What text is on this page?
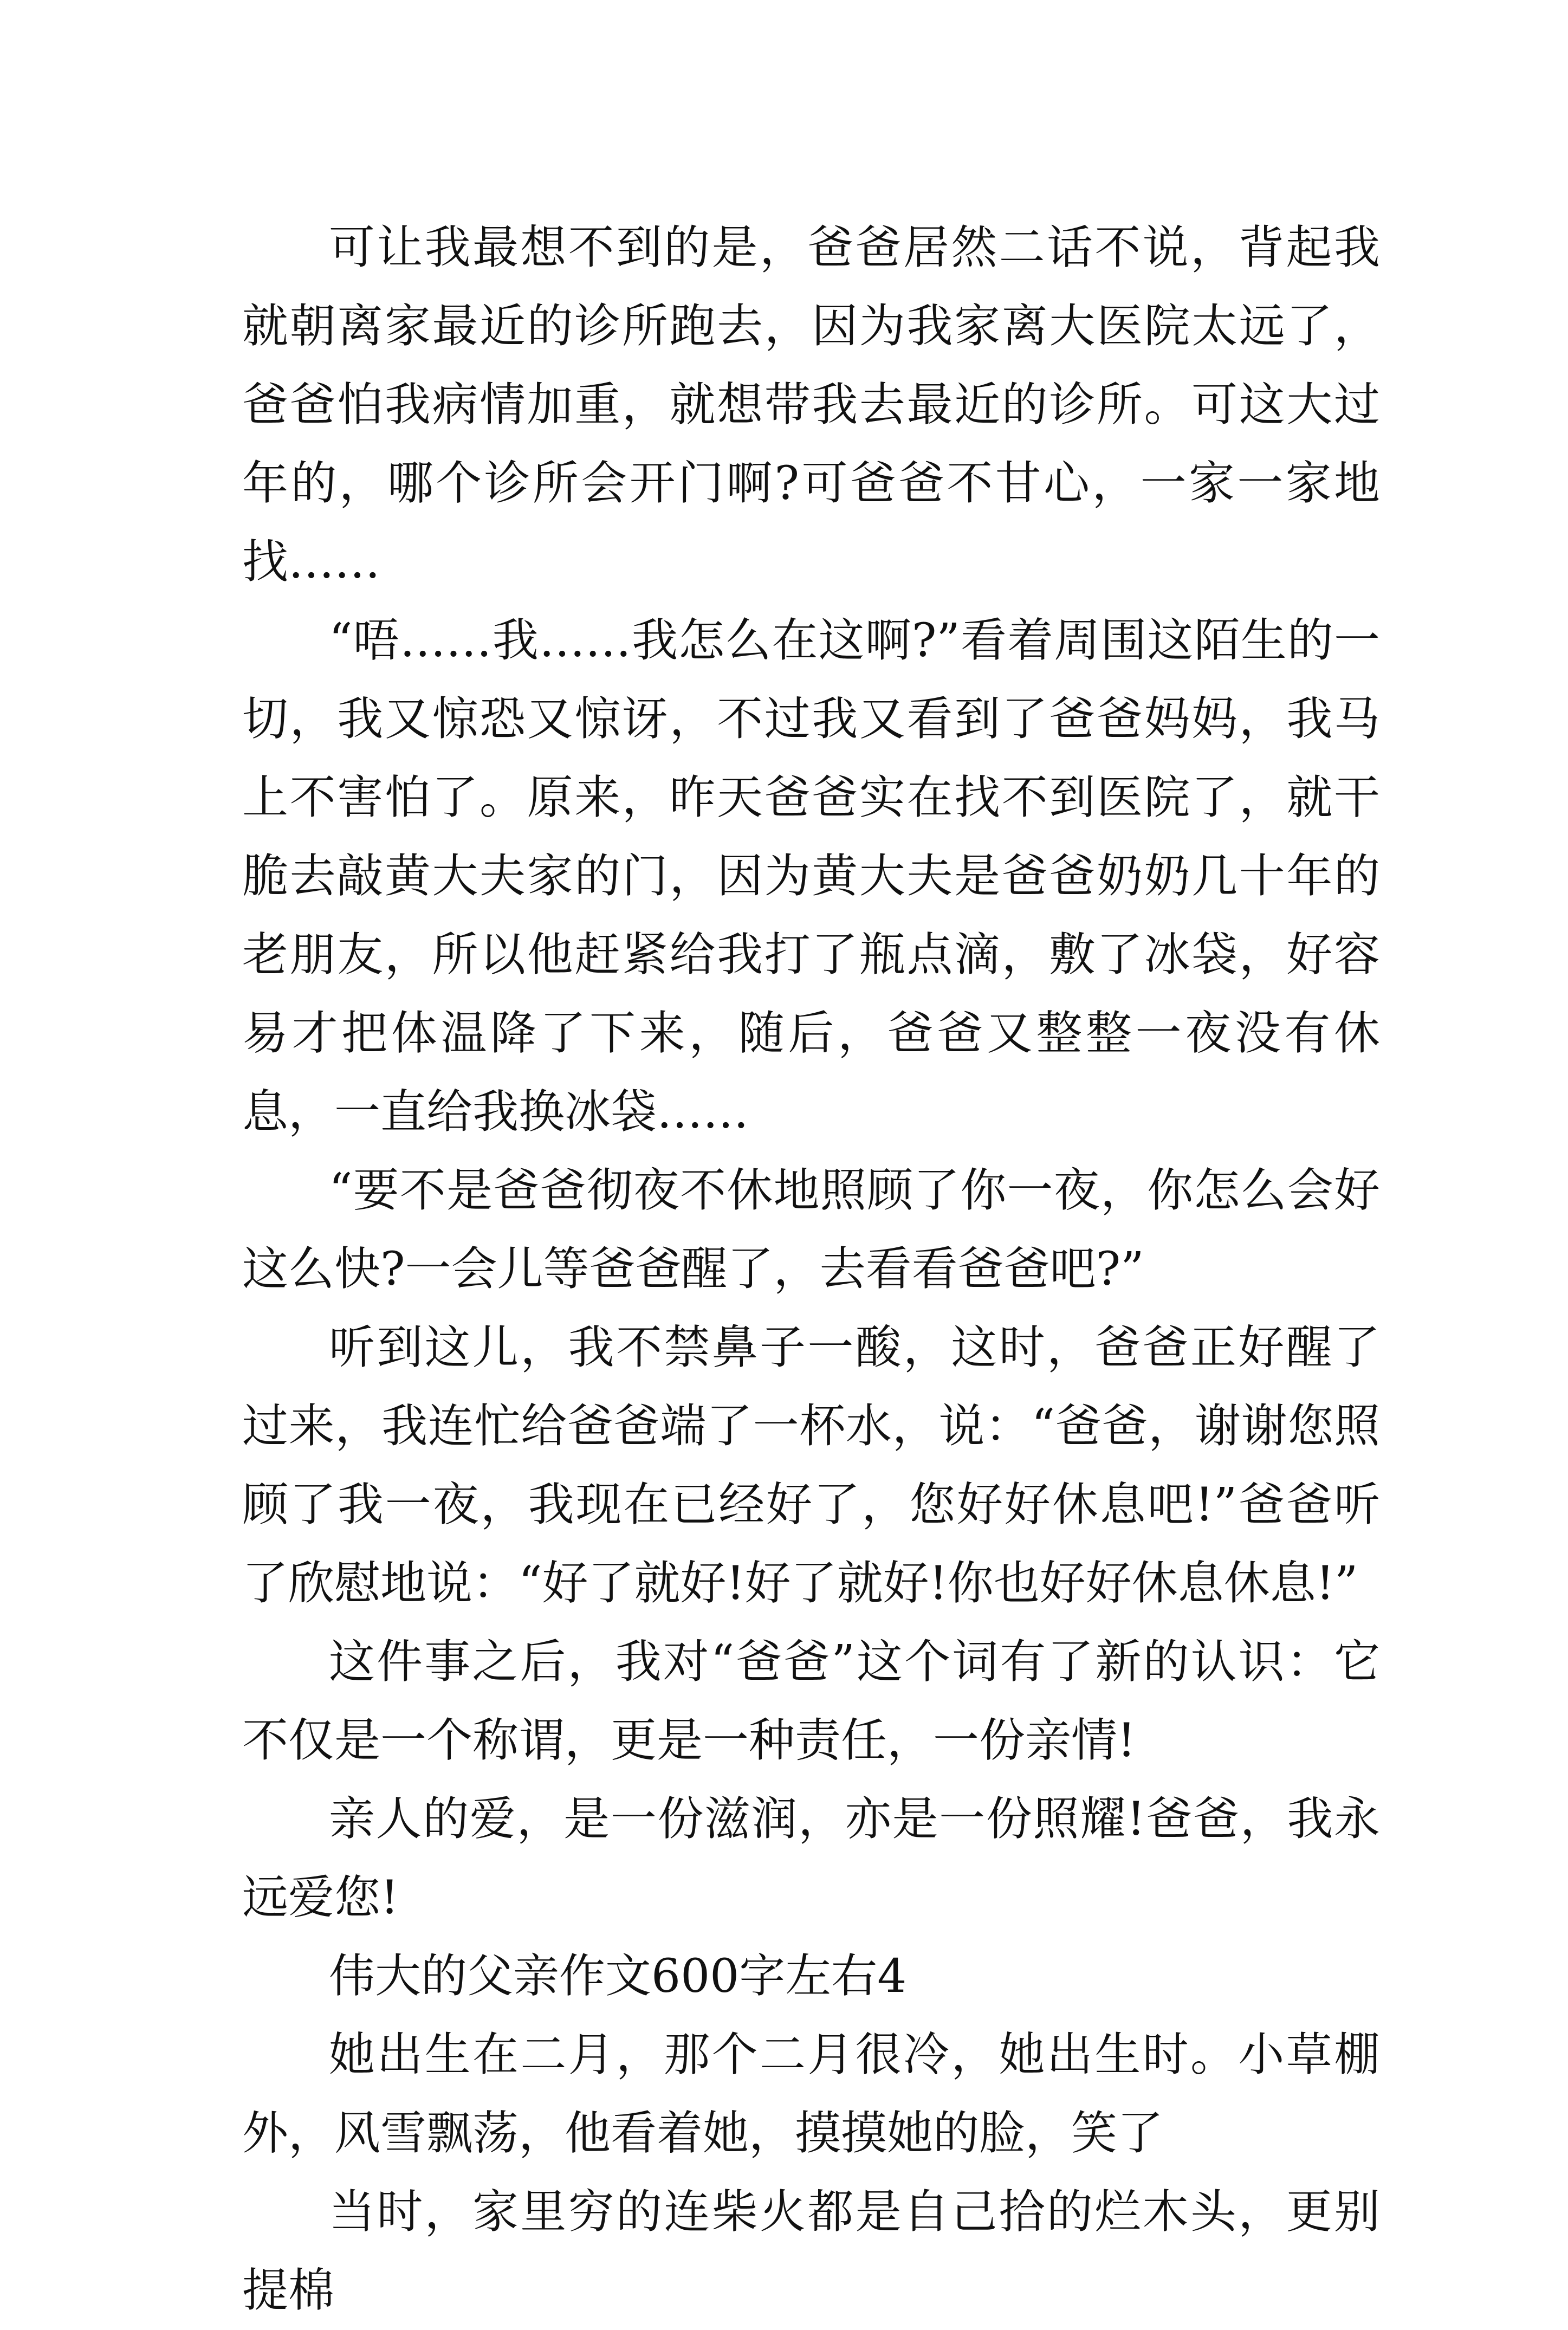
可让我最想不到的是，爸爸居然二话不说，背起我就朝离家最近的诊所跑去，因为我家离大医院太远了，爸爸怕我病情加重，就想带我去最近的诊所。可这大过年的，哪个诊所会开门啊?可爸爸不甘心，一家一家地找……

“唔……我……我怎么在这啊?”看着周围这陌生的一切，我又惊恐又惊讶，不过我又看到了爸爸妈妈，我马上不害怕了。原来，昨天爸爸实在找不到医院了，就干脆去敲黄大夫家的门，因为黄大夫是爸爸奶奶几十年的老朋友，所以他赶紧给我打了瓶点滴，敷了冰袋，好容易才把体温降了下来，随后，爸爸又整整一夜没有休息，一直给我换冰袋……

“要不是爸爸彻夜不休地照顾了你一夜，你怎么会好这么快?一会儿等爸爸醒了，去看看爸爸吧?”

听到这儿，我不禁鼻子一酸，这时，爸爸正好醒了过来，我连忙给爸爸端了一杯水，说：“爸爸，谢谢您照顾了我一夜，我现在已经好了，您好好休息吧!”爸爸听了欣慰地说：“好了就好!好了就好!你也好好休息休息!”

这件事之后，我对“爸爸”这个词有了新的认识：它不仅是一个称谓，更是一种责任，一份亲情!

亲人的爱，是一份滋润，亦是一份照耀!爸爸，我永远爱您!

伟大的父亲作文600字左右4

她出生在二月，那个二月很冷，她出生时。小草棚外，风雪飘荡，他看着她，摸摸她的脸，笑了

当时，家里穷的连柴火都是自己拾的烂木头，更别提棉
